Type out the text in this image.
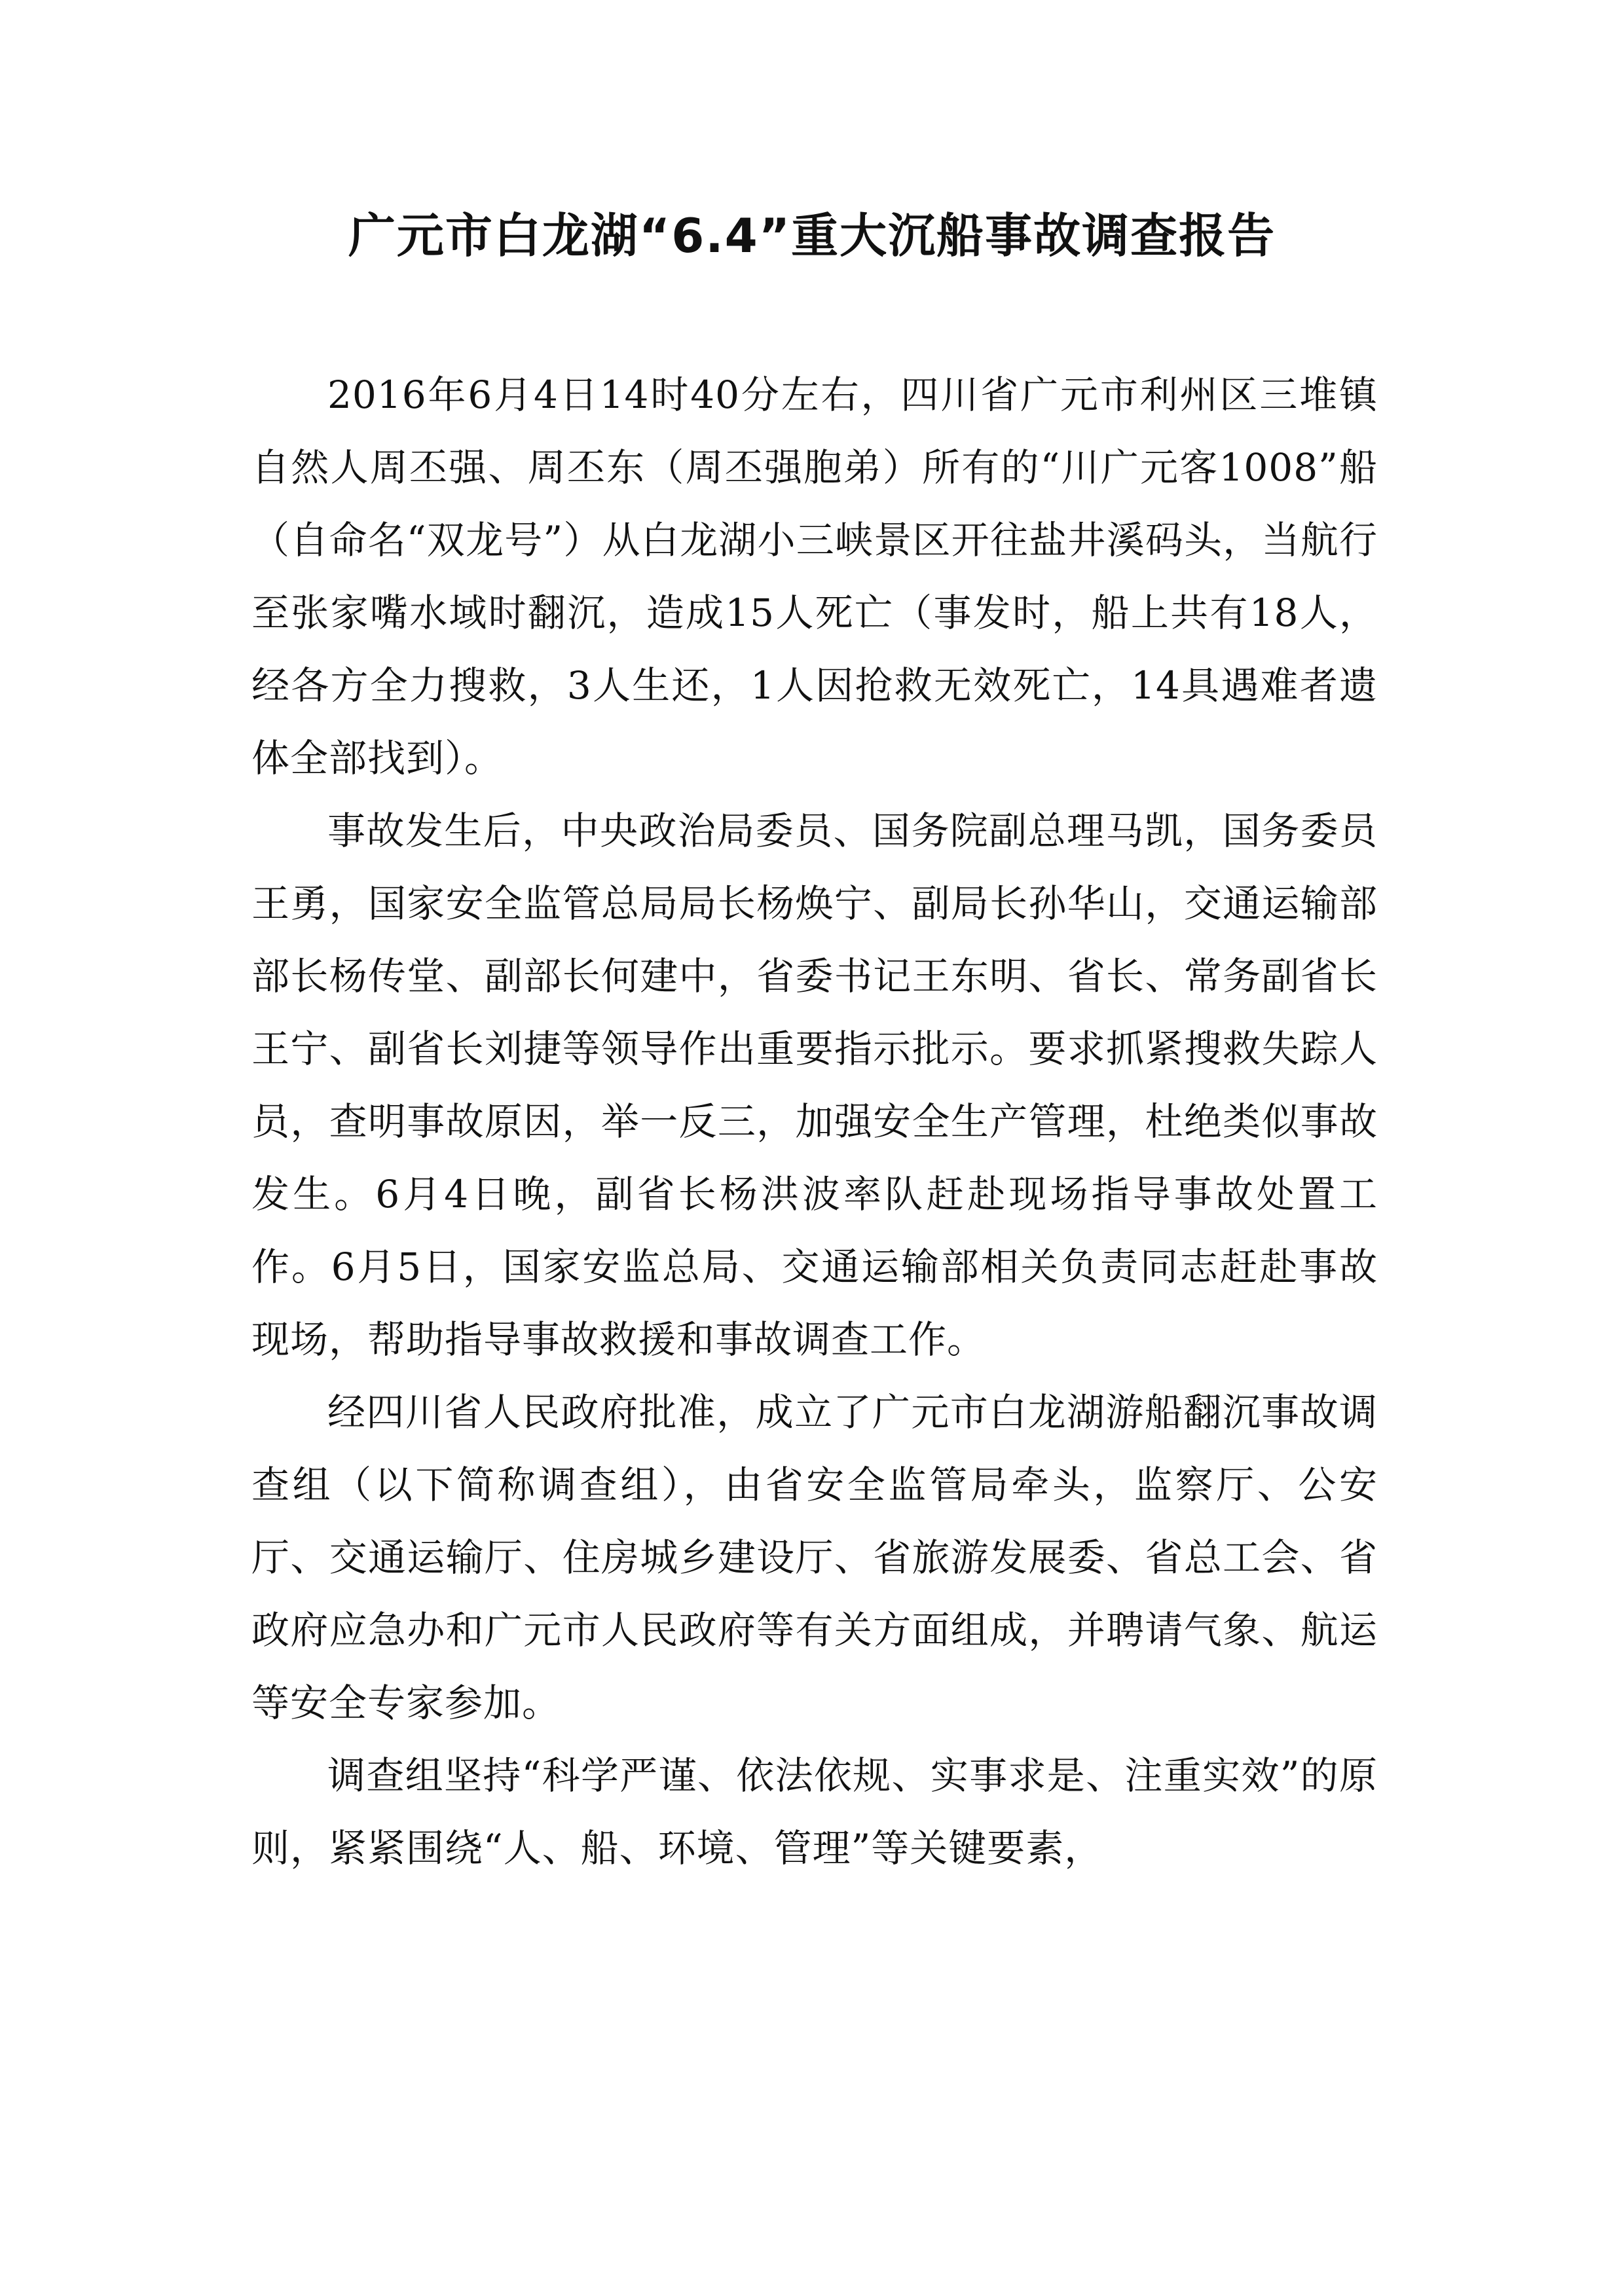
广元市白龙湖“6.4”重大沉船事故调查报告

2016年6月4日14时40分左右，四川省广元市利州区三堆镇自然人周丕强、周丕东（周丕强胞弟）所有的“川广元客1008”船（自命名“双龙号”）从白龙湖小三峡景区开往盐井溪码头，当航行至张家嘴水域时翻沉，造成15人死亡（事发时，船上共有18人，经各方全力搜救，3人生还，1人因抢救无效死亡，14具遇难者遗体全部找到）。

事故发生后，中央政治局委员、国务院副总理马凯，国务委员王勇，国家安全监管总局局长杨焕宁、副局长孙华山，交通运输部部长杨传堂、副部长何建中，省委书记王东明、省长、常务副省长王宁、副省长刘捷等领导作出重要指示批示。要求抓紧搜救失踪人员，查明事故原因，举一反三，加强安全生产管理，杜绝类似事故发生。6月4日晚，副省长杨洪波率队赶赴现场指导事故处置工作。6月5日，国家安监总局、交通运输部相关负责同志赶赴事故现场，帮助指导事故救援和事故调查工作。

经四川省人民政府批准，成立了广元市白龙湖游船翻沉事故调查组（以下简称调查组），由省安全监管局牵头，监察厅、公安厅、交通运输厅、住房城乡建设厅、省旅游发展委、省总工会、省政府应急办和广元市人民政府等有关方面组成，并聘请气象、航运等安全专家参加。

调查组坚持“科学严谨、依法依规、实事求是、注重实效”的原则，紧紧围绕“人、船、环境、管理”等关键要素，
